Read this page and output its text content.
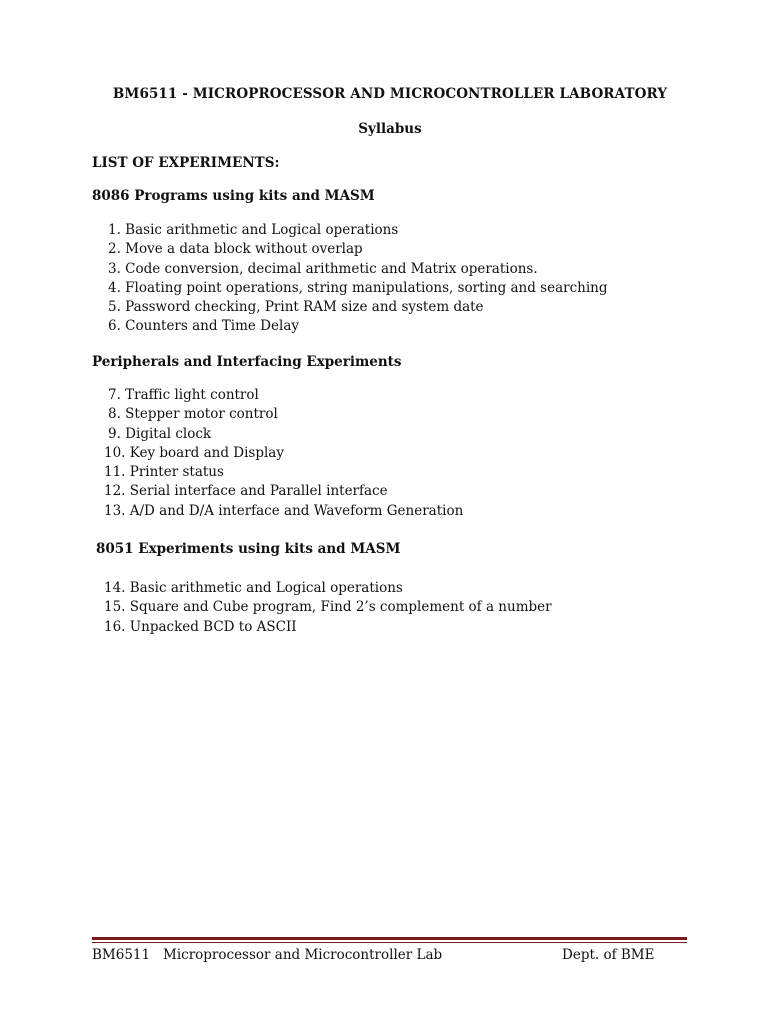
BM6511 - MICROPROCESSOR AND MICROCONTROLLER LABORATORY
Syllabus
LIST OF EXPERIMENTS:
8086 Programs using kits and MASM
1. Basic arithmetic and Logical operations
2. Move a data block without overlap
3. Code conversion, decimal arithmetic and Matrix operations.
4. Floating point operations, string manipulations, sorting and searching
5. Password checking, Print RAM size and system date
6. Counters and Time Delay
Peripherals and Interfacing Experiments
7. Traffic light control
8. Stepper motor control
9. Digital clock
10. Key board and Display
11. Printer status
12. Serial interface and Parallel interface
13. A/D and D/A interface and Waveform Generation
8051 Experiments using kits and MASM
14. Basic arithmetic and Logical operations
15. Square and Cube program, Find 2’s complement of a number
16. Unpacked BCD to ASCII
BM6511 Microprocessor and Microcontroller Lab	Dept. of BME
